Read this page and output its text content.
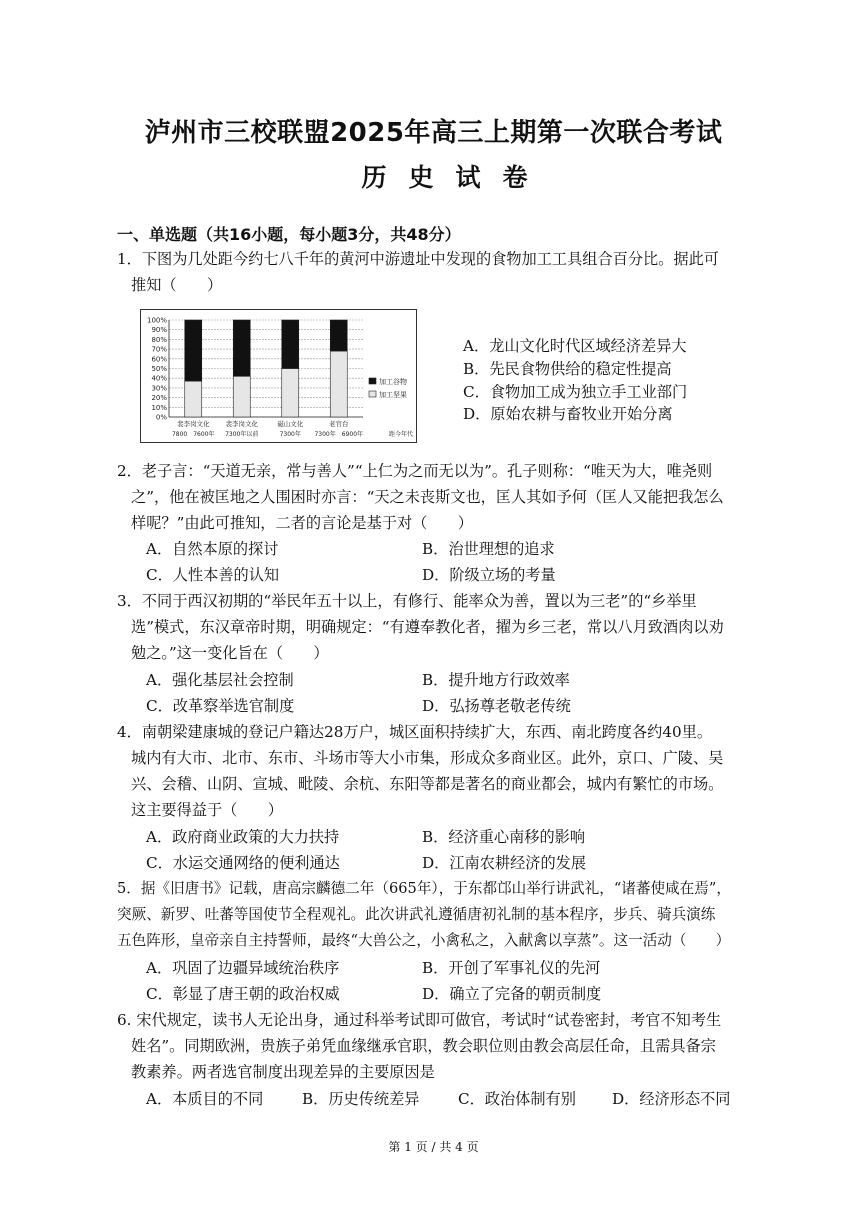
泸州市三校联盟2025年高三上期第一次联合考试
历史试卷
一、单选题（共16小题，每小题3分，共48分）
1．下图为几处距今约七八千年的黄河中游遗址中发现的食物加工工具组合百分比。据此可
推知（　　）
0%
10%
20%
30%
40%
50%
60%
70%
80%
90%
100%
裴李岗文化
7800　7600年
裴李岗文化
7300年以前
磁山文化
7300年
老官台
7300年　6900年	距今年代
加工谷物
加工坚果
A．龙山文化时代区域经济差异大
B．先民食物供给的稳定性提高
C．食物加工成为独立手工业部门
D．原始农耕与畜牧业开始分离
2．老子言：“天道无亲，常与善人”“上仁为之而无以为”。孔子则称：“唯天为大，唯尧则
之”，他在被匡地之人围困时亦言：“天之未丧斯文也，匡人其如予何（匡人又能把我怎么
样呢？”由此可推知，二者的言论是基于对（　　）
A．自然本原的探讨	B．治世理想的追求
C．人性本善的认知	D．阶级立场的考量
3．不同于西汉初期的“举民年五十以上，有修行、能率众为善，置以为三老”的“乡举里
选”模式，东汉章帝时期，明确规定：“有遵奉教化者，擢为乡三老，常以八月致酒肉以劝
勉之。”这一变化旨在（　　）
A．强化基层社会控制	B．提升地方行政效率
C．改革察举选官制度	D．弘扬尊老敬老传统
4．南朝梁建康城的登记户籍达28万户，城区面积持续扩大，东西、南北跨度各约40里。
城内有大市、北市、东市、斗场市等大小市集，形成众多商业区。此外，京口、广陵、吴
兴、会稽、山阴、宣城、毗陵、余杭、东阳等都是著名的商业都会，城内有繁忙的市场。
这主要得益于（　　）
A．政府商业政策的大力扶持	B．经济重心南移的影响
C．水运交通网络的便利通达	D．江南农耕经济的发展
5．据《旧唐书》记载，唐高宗麟德二年（665年），于东都邙山举行讲武礼，“诸蕃使咸在焉”，
突厥、新罗、吐蕃等国使节全程观礼。此次讲武礼遵循唐初礼制的基本程序，步兵、骑兵演练
五色阵形，皇帝亲自主持誓师，最终“大兽公之，小禽私之，入献禽以享蒸”。这一活动（　　）
A．巩固了边疆异域统治秩序	B．开创了军事礼仪的先河
C．彰显了唐王朝的政治权威	D．确立了完备的朝贡制度
6. 宋代规定，读书人无论出身，通过科举考试即可做官，考试时“试卷密封，考官不知考生
姓名”。同期欧洲，贵族子弟凭血缘继承官职，教会职位则由教会高层任命，且需具备宗
教素养。两者选官制度出现差异的主要原因是
A．本质目的不同	B．历史传统差异	C．政治体制有别 D．经济形态不同
第 1 页 / 共 4 页
